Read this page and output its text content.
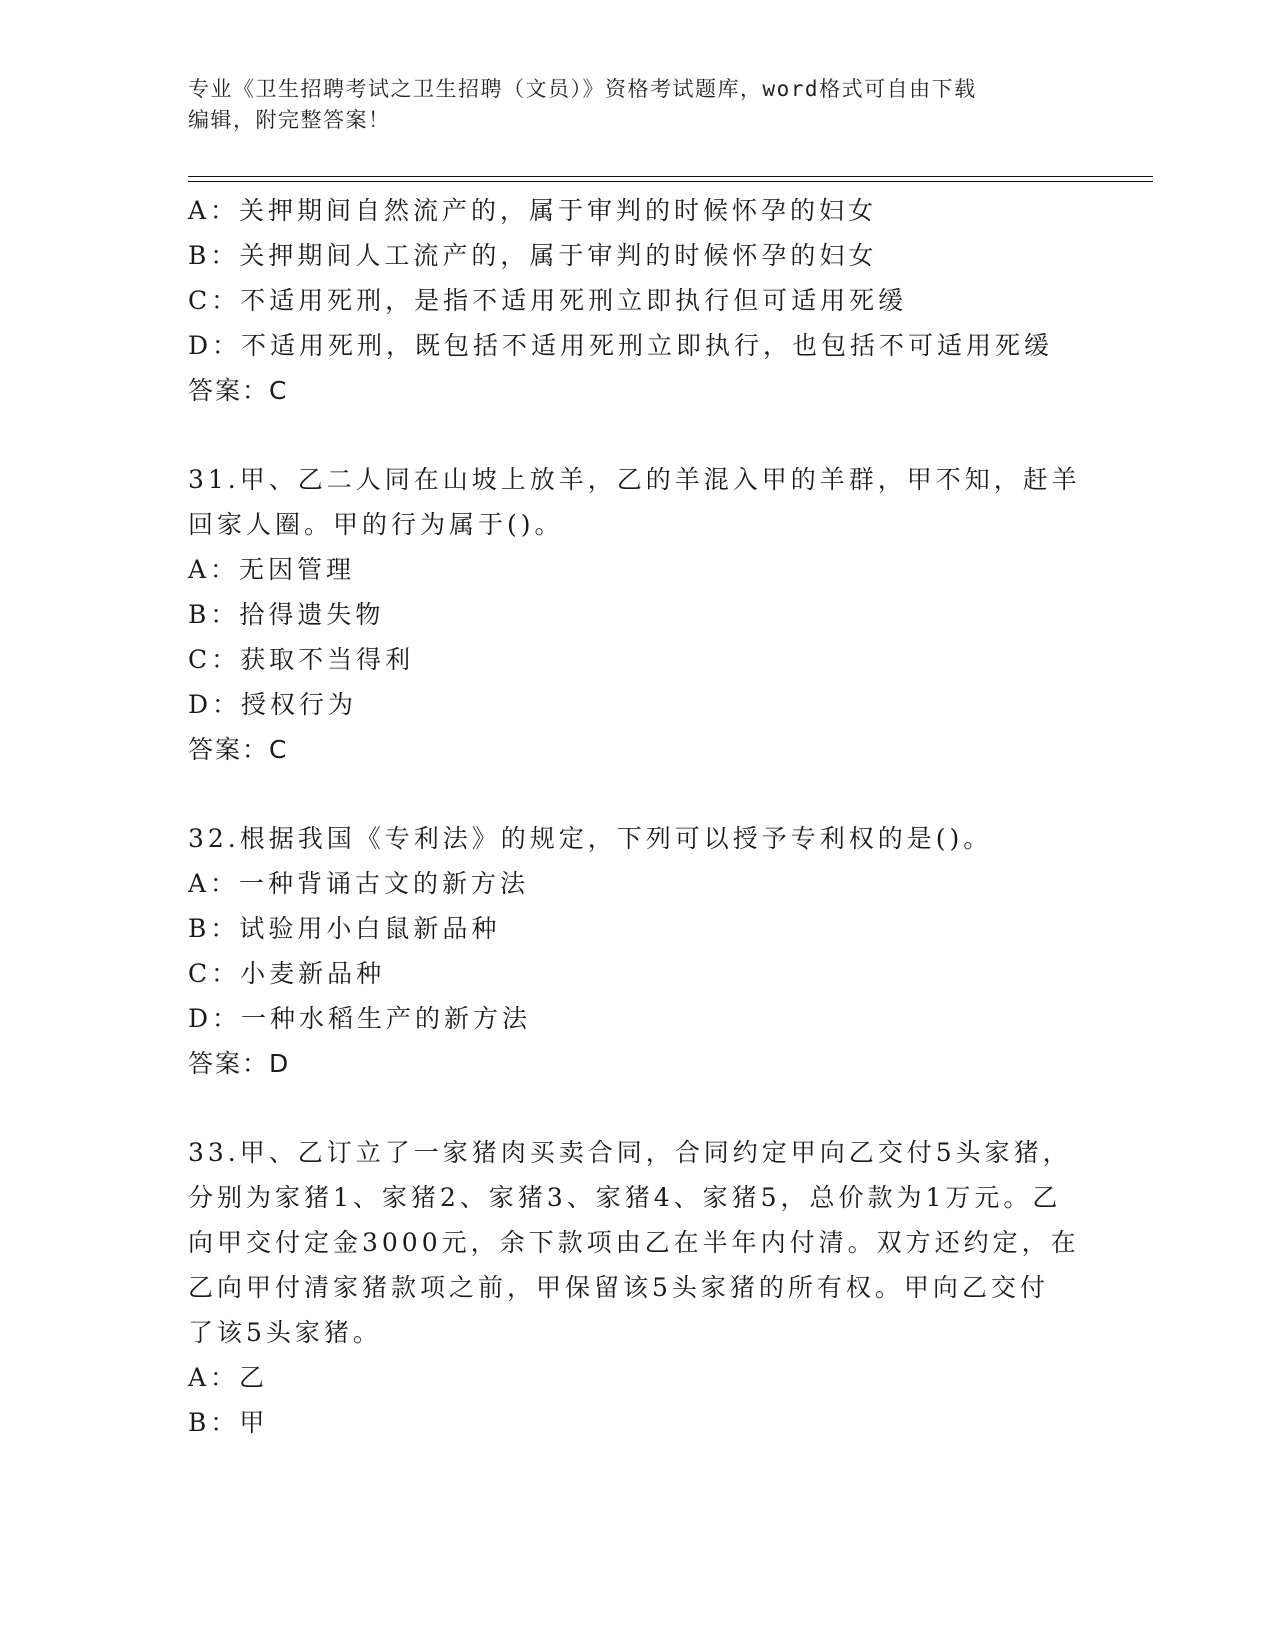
专业《卫生招聘考试之卫生招聘（文员）》资格考试题库，word格式可自由下载
编辑，附完整答案！
A：关押期间自然流产的，属于审判的时候怀孕的妇女
B：关押期间人工流产的，属于审判的时候怀孕的妇女
C：不适用死刑，是指不适用死刑立即执行但可适用死缓
D：不适用死刑，既包括不适用死刑立即执行，也包括不可适用死缓
答案：C
31.甲、乙二人同在山坡上放羊，乙的羊混入甲的羊群，甲不知，赶羊
回家人圈。甲的行为属于()。
A：无因管理
B：拾得遗失物
C：获取不当得利
D：授权行为
答案：C
32.根据我国《专利法》的规定，下列可以授予专利权的是()。
A：一种背诵古文的新方法
B：试验用小白鼠新品种
C：小麦新品种
D：一种水稻生产的新方法
答案：D
33.甲、乙订立了一家猪肉买卖合同，合同约定甲向乙交付5头家猪，
分别为家猪1、家猪2、家猪3、家猪4、家猪5，总价款为1万元。乙
向甲交付定金3000元，余下款项由乙在半年内付清。双方还约定，在
乙向甲付清家猪款项之前，甲保留该5头家猪的所有权。甲向乙交付
了该5头家猪。
A：乙
B：甲
